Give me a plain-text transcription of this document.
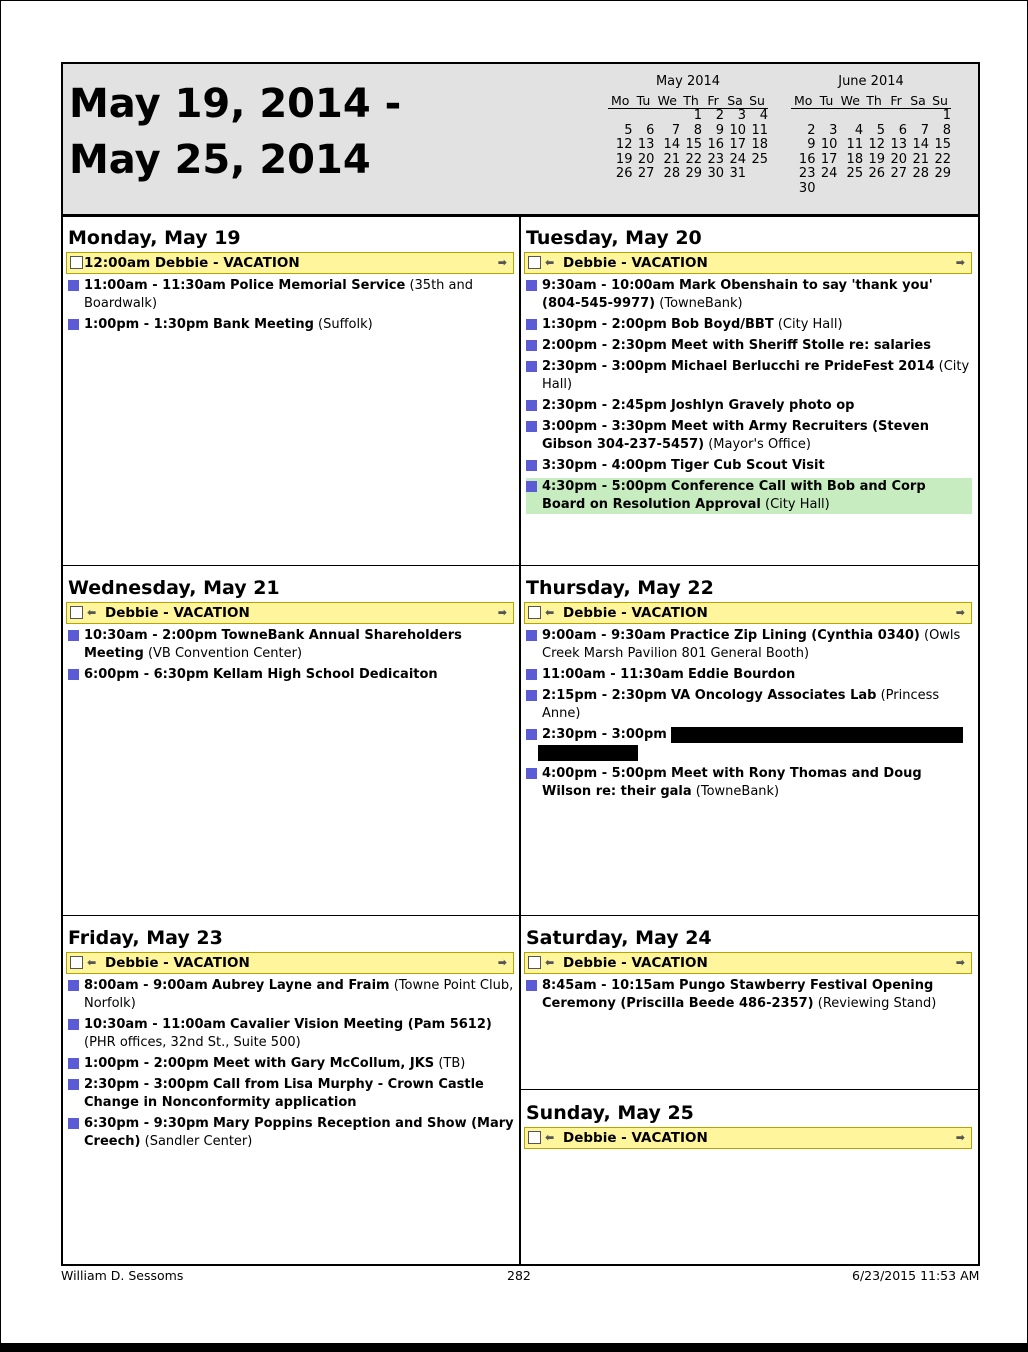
May 19, 2014 -
May 25, 2014
May 2014
Mo	Tu	We	Th	Fr	Sa	Su
			1	2	3	4
5	6	7	8	9	10	11
12	13	14	15	16	17	18
19	20	21	22	23	24	25
26	27	28	29	30	31	
June 2014
Mo	Tu	We	Th	Fr	Sa	Su
						1
2	3	4	5	6	7	8
9	10	11	12	13	14	15
16	17	18	19	20	21	22
23	24	25	26	27	28	29
30						
Monday, May 19
12:00am Debbie - VACATION	➡
11:00am - 11:30am Police Memorial Service (35th and Boardwalk)
1:00pm - 1:30pm Bank Meeting (Suffolk)
Tuesday, May 20
⬅ Debbie - VACATION	➡
9:30am - 10:00am Mark Obenshain to say 'thank you' (804-545-9977) (TowneBank)
1:30pm - 2:00pm Bob Boyd/BBT (City Hall)
2:00pm - 2:30pm Meet with Sheriff Stolle re: salaries
2:30pm - 3:00pm Michael Berlucchi re PrideFest 2014 (City Hall)
2:30pm - 2:45pm Joshlyn Gravely photo op
3:00pm - 3:30pm Meet with Army Recruiters (Steven Gibson 304-237-5457) (Mayor's Office)
3:30pm - 4:00pm Tiger Cub Scout Visit
4:30pm - 5:00pm Conference Call with Bob and Corp Board on Resolution Approval (City Hall)
Wednesday, May 21
⬅ Debbie - VACATION	➡
10:30am - 2:00pm TowneBank Annual Shareholders Meeting (VB Convention Center)
6:00pm - 6:30pm Kellam High School Dedicaiton
Thursday, May 22
⬅ Debbie - VACATION	➡
9:00am - 9:30am Practice Zip Lining (Cynthia 0340) (Owls Creek Marsh Pavilion 801 General Booth)
11:00am - 11:30am Eddie Bourdon
2:15pm - 2:30pm VA Oncology Associates Lab (Princess Anne)
2:30pm - 3:00pm

4:00pm - 5:00pm Meet with Rony Thomas and Doug Wilson re: their gala (TowneBank)
Friday, May 23
⬅ Debbie - VACATION	➡
8:00am - 9:00am Aubrey Layne and Fraim (Towne Point Club, Norfolk)
10:30am - 11:00am Cavalier Vision Meeting (Pam 5612) (PHR offices, 32nd St., Suite 500)
1:00pm - 2:00pm Meet with Gary McCollum, JKS (TB)
2:30pm - 3:00pm Call from Lisa Murphy - Crown Castle Change in Nonconformity application
6:30pm - 9:30pm Mary Poppins Reception and Show (Mary Creech) (Sandler Center)
Saturday, May 24
⬅ Debbie - VACATION	➡
8:45am - 10:15am Pungo Stawberry Festival Opening Ceremony (Priscilla Beede 486-2357) (Reviewing Stand)
Sunday, May 25
⬅ Debbie - VACATION	➡
William D. Sessoms	282	6/23/2015 11:53 AM
